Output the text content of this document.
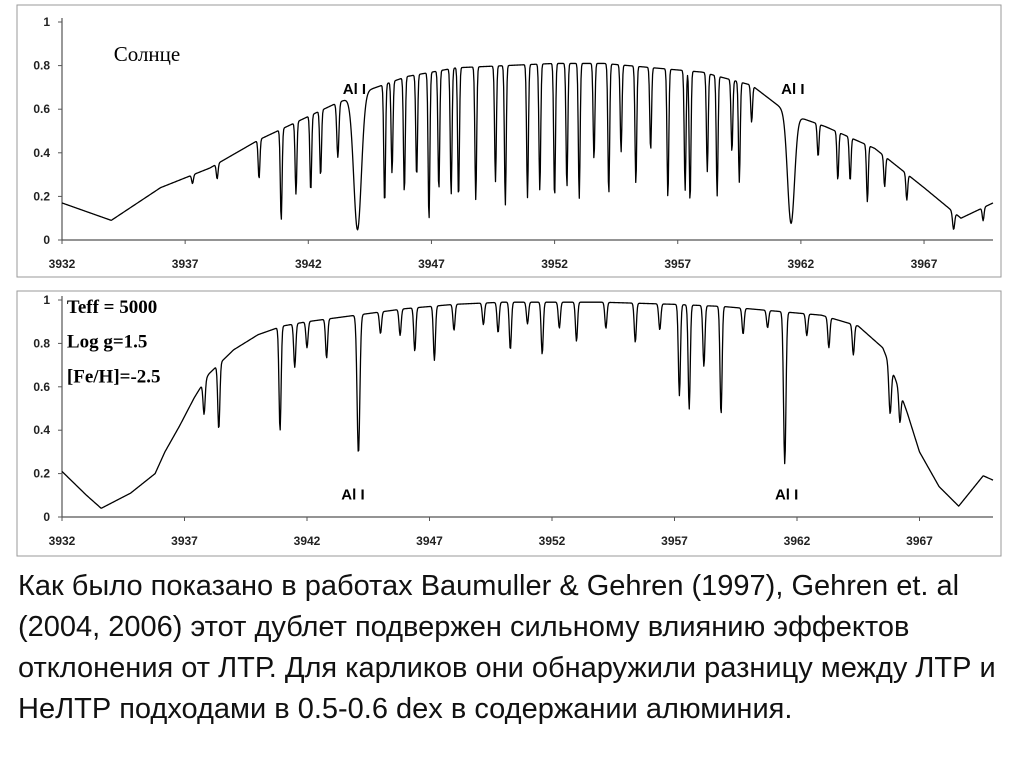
0
0.2
0.4
0.6
0.8
1
3932	3937	3942	3947	3952	3957	3962	3967
Солнце
Al I	Al I
0
0.2
0.4
0.6
0.8
1
3932	3937	3942	3947	3952	3957	3962	3967
Teff = 5000
Log g=1.5
[Fe/H]=-2.5
Al I	Al I

Как было показано в работах Baumuller & Gehren (1997), Gehren et. al (2004, 2006) этот дублет подвержен сильному влиянию эффектов отклонения от ЛТР. Для карликов они обнаружили разницу между ЛТР и НеЛТР подходами в 0.5-0.6 dex в содержании алюминия.
